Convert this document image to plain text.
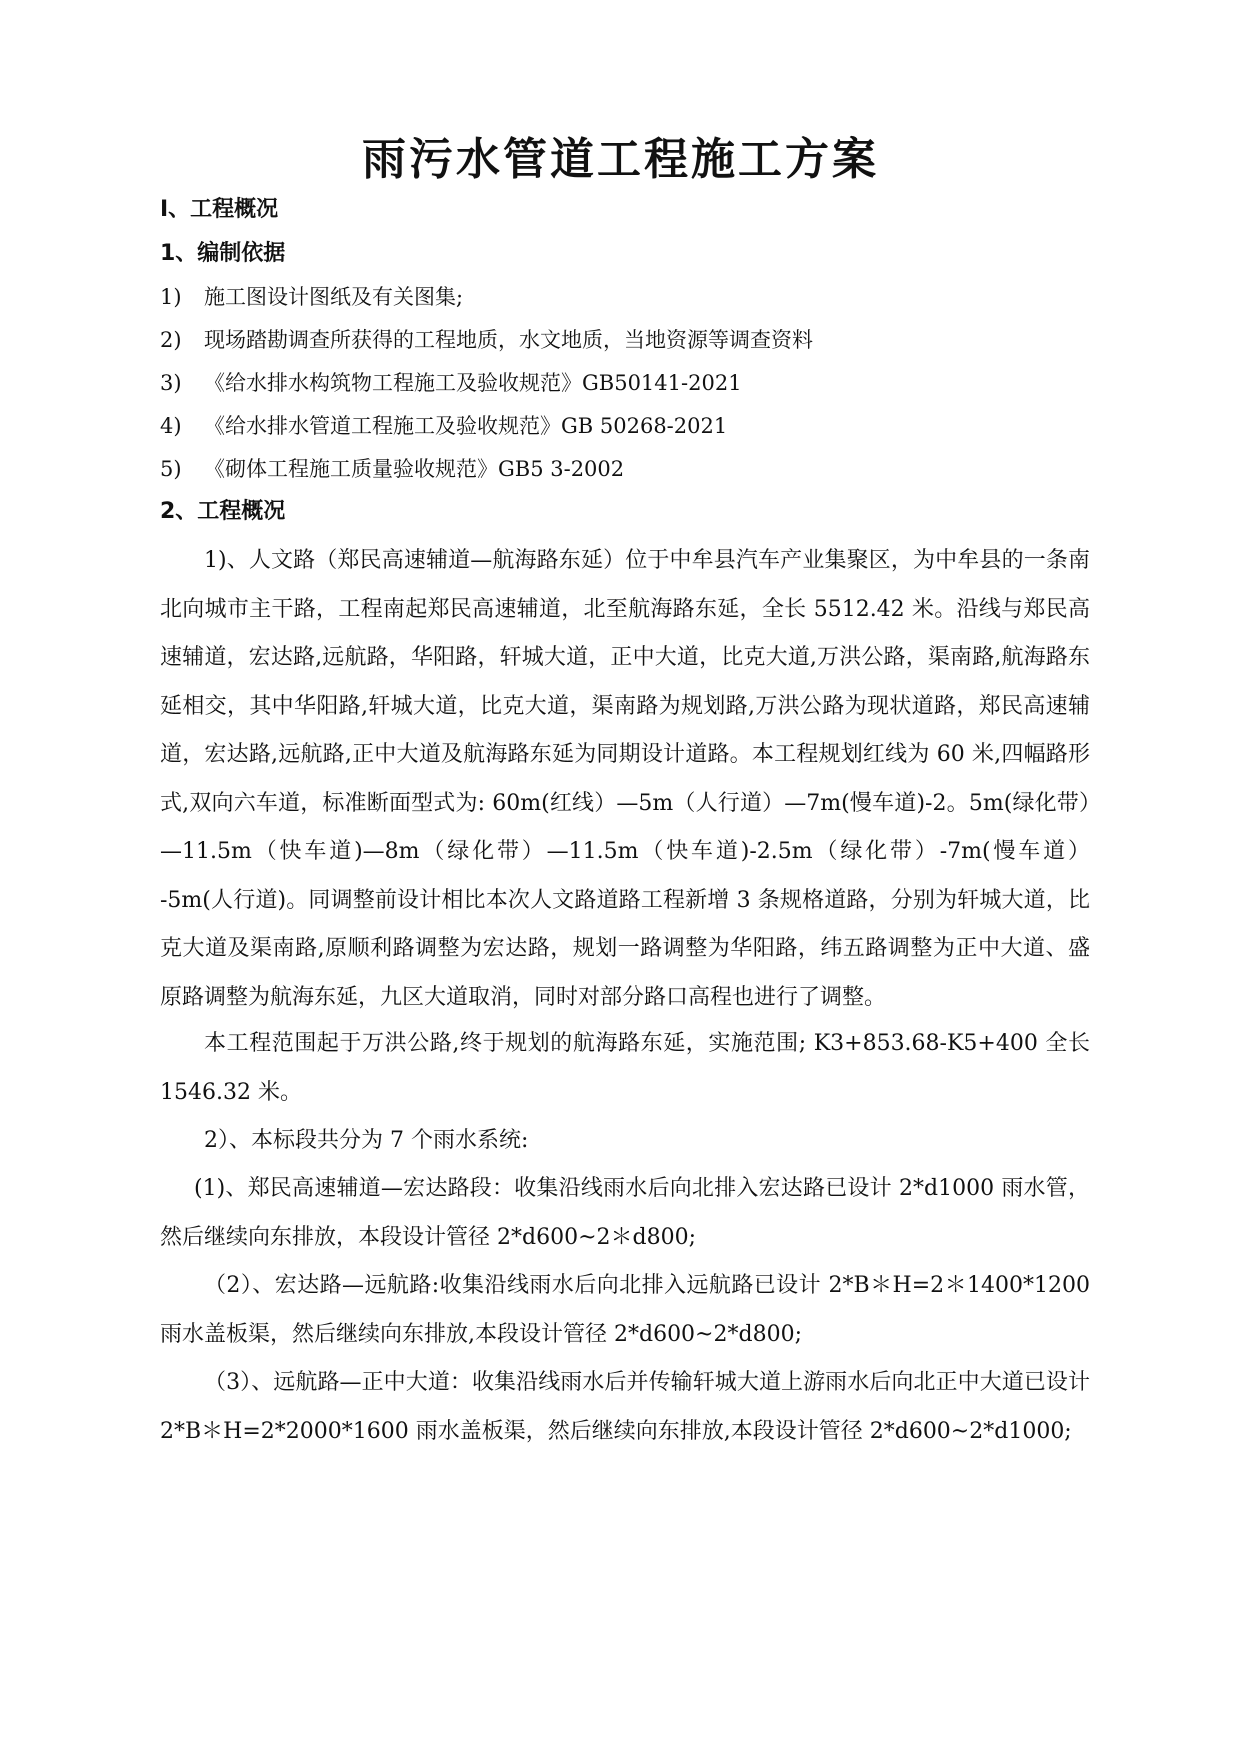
雨污水管道工程施工方案
Ⅰ、工程概况
1、编制依据
1) 施工图设计图纸及有关图集;
2) 现场踏勘调查所获得的工程地质，水文地质，当地资源等调查资料
3) 《给水排水构筑物工程施工及验收规范》GB50141-2021
4) 《给水排水管道工程施工及验收规范》GB 50268-2021
5) 《砌体工程施工质量验收规范》GB5 3-2002
2、工程概况
1)、人文路（郑民高速辅道—航海路东延）位于中牟县汽车产业集聚区，为中牟县的一条南北向城市主干路，工程南起郑民高速辅道，北至航海路东延，全长 5512.42 米。沿线与郑民高速辅道，宏达路,远航路，华阳路，轩城大道，正中大道，比克大道,万洪公路，渠南路,航海路东延相交，其中华阳路,轩城大道，比克大道，渠南路为规划路,万洪公路为现状道路，郑民高速辅道，宏达路,远航路,正中大道及航海路东延为同期设计道路。本工程规划红线为 60 米,四幅路形式,双向六车道，标准断面型式为: 60m(红线）—5m（人行道）—7m(慢车道)-2。5m(绿化带）—11.5m（快车道)—8m（绿化带）—11.5m（快车道)-2.5m（绿化带）-7m(慢车道） -5m(人行道)。同调整前设计相比本次人文路道路工程新增 3 条规格道路，分别为轩城大道，比克大道及渠南路,原顺利路调整为宏达路，规划一路调整为华阳路，纬五路调整为正中大道、盛原路调整为航海东延，九区大道取消，同时对部分路口高程也进行了调整。
本工程范围起于万洪公路,终于规划的航海路东延，实施范围; K3+853.68-K5+400 全长 1546.32 米。
2）、本标段共分为 7 个雨水系统:
(1)、郑民高速辅道—宏达路段：收集沿线雨水后向北排入宏达路已设计 2*d1000 雨水管，然后继续向东排放，本段设计管径 2*d600~2＊d800;
（2）、宏达路—远航路:收集沿线雨水后向北排入远航路已设计 2*B＊H=2＊1400*1200 雨水盖板渠，然后继续向东排放,本段设计管径 2*d600~2*d800;
（3）、远航路—正中大道：收集沿线雨水后并传输轩城大道上游雨水后向北正中大道已设计 2*B＊H=2*2000*1600 雨水盖板渠，然后继续向东排放,本段设计管径 2*d600~2*d1000;
